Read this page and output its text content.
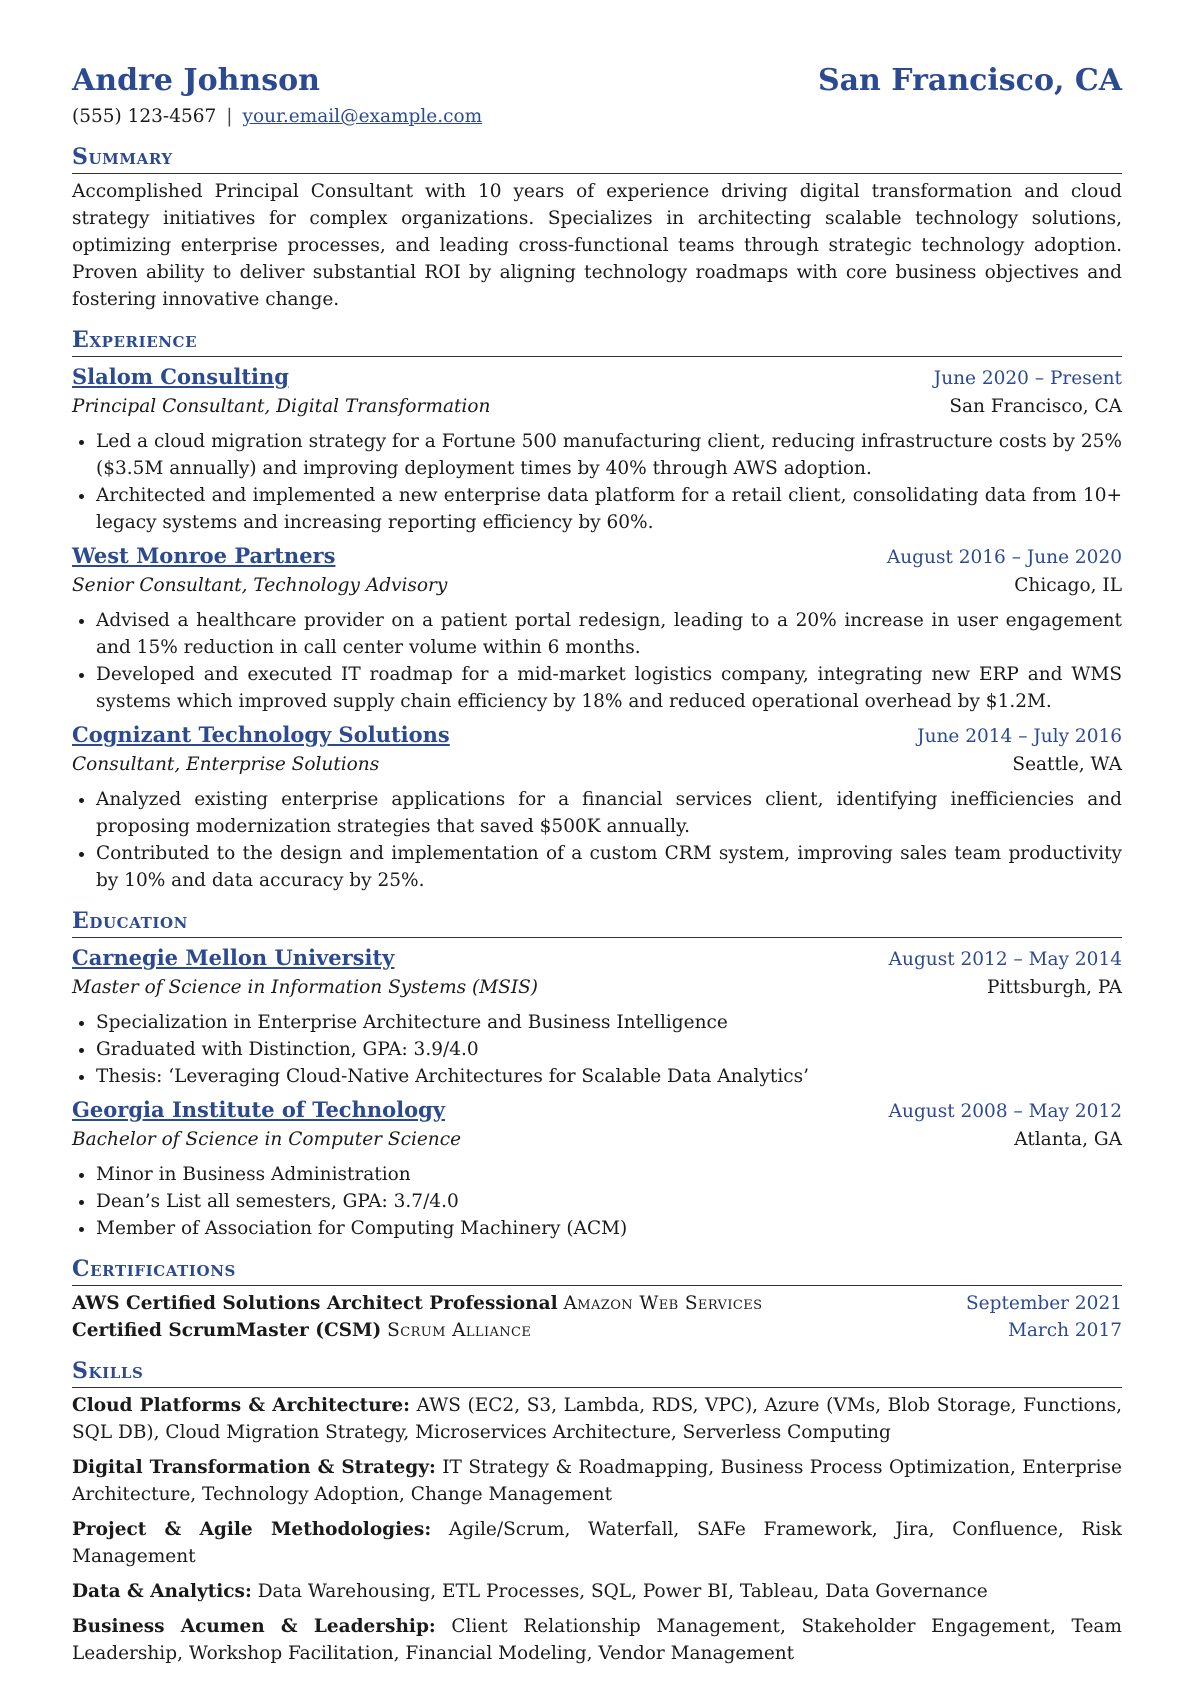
Andre Johnson	San Francisco, CA
(555) 123-4567 | your.email@example.com
Summary
Accomplished Principal Consultant with 10 years of experience driving digital transformation and cloud strategy initiatives for complex organizations. Specializes in architecting scalable technology solutions, optimizing enterprise processes, and leading cross-functional teams through strategic technology adoption. Proven ability to deliver substantial ROI by aligning technology roadmaps with core business objectives and fostering innovative change.
Experience
Slalom Consulting	June 2020 – Present
Principal Consultant, Digital Transformation	San Francisco, CA
• Led a cloud migration strategy for a Fortune 500 manufacturing client, reducing infrastructure costs by 25% ($3.5M annually) and improving deployment times by 40% through AWS adoption.
• Architected and implemented a new enterprise data platform for a retail client, consolidating data from 10+ legacy systems and increasing reporting efficiency by 60%.
West Monroe Partners	August 2016 – June 2020
Senior Consultant, Technology Advisory	Chicago, IL
• Advised a healthcare provider on a patient portal redesign, leading to a 20% increase in user engagement and 15% reduction in call center volume within 6 months.
• Developed and executed IT roadmap for a mid-market logistics company, integrating new ERP and WMS systems which improved supply chain efficiency by 18% and reduced operational overhead by $1.2M.
Cognizant Technology Solutions	June 2014 – July 2016
Consultant, Enterprise Solutions	Seattle, WA
• Analyzed existing enterprise applications for a financial services client, identifying inefficiencies and proposing modernization strategies that saved $500K annually.
• Contributed to the design and implementation of a custom CRM system, improving sales team productivity by 10% and data accuracy by 25%.
Education
Carnegie Mellon University	August 2012 – May 2014
Master of Science in Information Systems (MSIS)	Pittsburgh, PA
• Specialization in Enterprise Architecture and Business Intelligence
• Graduated with Distinction, GPA: 3.9/4.0
• Thesis: ‘Leveraging Cloud-Native Architectures for Scalable Data Analytics’
Georgia Institute of Technology	August 2008 – May 2012
Bachelor of Science in Computer Science	Atlanta, GA
• Minor in Business Administration
• Dean’s List all semesters, GPA: 3.7/4.0
• Member of Association for Computing Machinery (ACM)
Certifications
AWS Certified Solutions Architect Professional Amazon Web Services	September 2021
Certified ScrumMaster (CSM) Scrum Alliance	March 2017
Skills
Cloud Platforms & Architecture: AWS (EC2, S3, Lambda, RDS, VPC), Azure (VMs, Blob Storage, Functions, SQL DB), Cloud Migration Strategy, Microservices Architecture, Serverless Computing
Digital Transformation & Strategy: IT Strategy & Roadmapping, Business Process Optimization, Enterprise Architecture, Technology Adoption, Change Management
Project & Agile Methodologies: Agile/Scrum, Waterfall, SAFe Framework, Jira, Confluence, Risk Management
Data & Analytics: Data Warehousing, ETL Processes, SQL, Power BI, Tableau, Data Governance
Business Acumen & Leadership: Client Relationship Management, Stakeholder Engagement, Team Leadership, Workshop Facilitation, Financial Modeling, Vendor Management
